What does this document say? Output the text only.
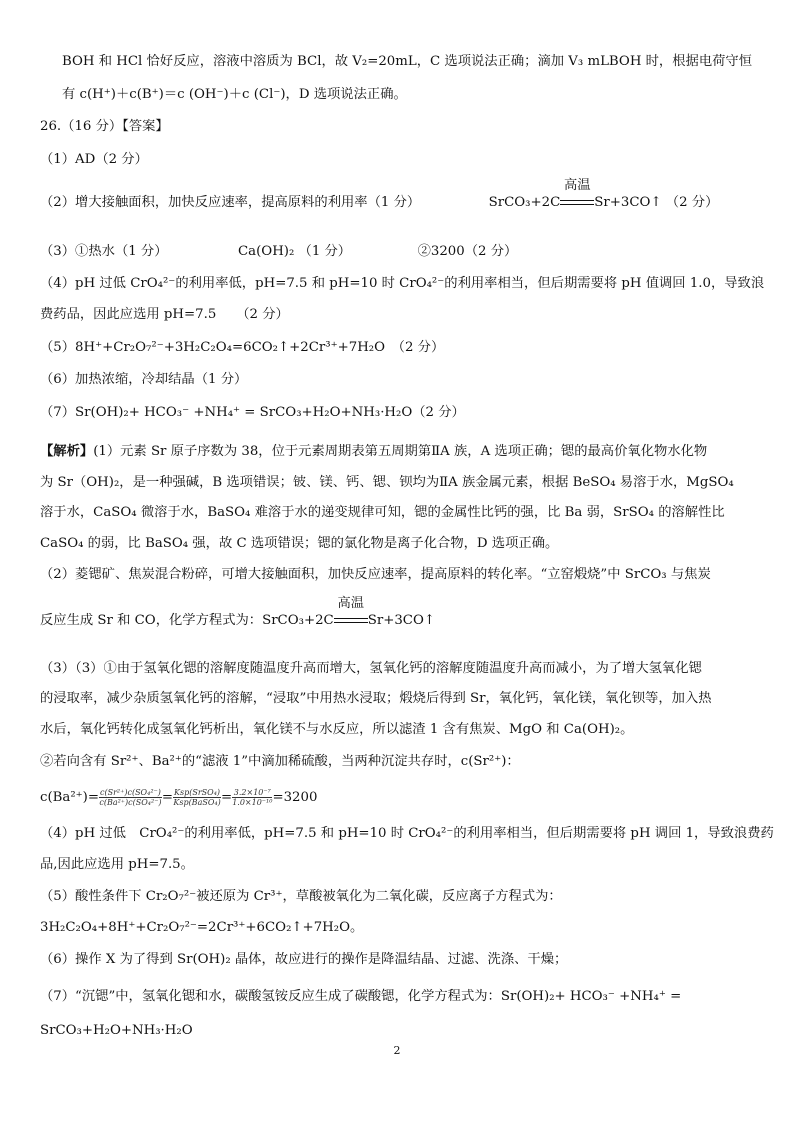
BOH 和 HCl 恰好反应，溶液中溶质为 BCl，故 V₂=20mL，C 选项说法正确；滴加 V₃ mLBOH 时，根据电荷守恒
有 c(H⁺)＋c(B⁺)＝c (OH⁻)＋c (Cl⁻)，D 选项说法正确。
26.（16 分）【答案】
（1）AD（2 分）
（2）增大接触面积，加快反应速率，提高原料的利用率（1 分）	SrCO₃+2C
高温
Sr+3CO↑ （2 分）
（3）①热水（1 分）	Ca(OH)₂ （1 分）	②3200（2 分）
（4）pH 过低 CrO₄²⁻的利用率低，pH=7.5 和 pH=10 时 CrO₄²⁻的利用率相当，但后期需要将 pH 值调回 1.0，导致浪
费药品，因此应选用 pH=7.5　　（2 分）
（5）8H⁺+Cr₂O₇²⁻+3H₂C₂O₄=6CO₂↑+2Cr³⁺+7H₂O　（2 分）
（6）加热浓缩，冷却结晶（1 分）
（7）Sr(OH)₂+ HCO₃⁻ +NH₄⁺ = SrCO₃+H₂O+NH₃·H₂O（2 分）
【解析】(1）元素 Sr 原子序数为 38，位于元素周期表第五周期第ⅡA 族，A 选项正确；锶的最高价氧化物水化物
为 Sr（OH)₂，是一种强碱，B 选项错误；铍、镁、钙、锶、钡均为ⅡA 族金属元素，根据 BeSO₄ 易溶于水，MgSO₄
溶于水，CaSO₄ 微溶于水，BaSO₄ 难溶于水的递变规律可知，锶的金属性比钙的强，比 Ba 弱，SrSO₄ 的溶解性比
CaSO₄ 的弱，比 BaSO₄ 强，故 C 选项错误；锶的氯化物是离子化合物，D 选项正确。
（2）菱锶矿、焦炭混合粉碎，可增大接触面积，加快反应速率，提高原料的转化率。“立窑煅烧”中 SrCO₃ 与焦炭
反应生成 Sr 和 CO，化学方程式为：SrCO₃+2C
高温
Sr+3CO↑
（3）（3）①由于氢氧化锶的溶解度随温度升高而增大，氢氧化钙的溶解度随温度升高而减小，为了增大氢氧化锶
的浸取率，减少杂质氢氧化钙的溶解，“浸取”中用热水浸取；煅烧后得到 Sr，氧化钙，氧化镁，氧化钡等，加入热
水后，氧化钙转化成氢氧化钙析出，氧化镁不与水反应，所以滤渣 1 含有焦炭、MgO 和 Ca(OH)₂。
②若向含有 Sr²⁺、Ba²⁺的“滤液 1”中滴加稀硫酸，当两种沉淀共存时，c(Sr²⁺)：
$c(Ba^{2+})= \frac{\text{c(Sr²⁺)c(SO₄²⁻)}}{\text{c(Ba²⁺)c(SO₄²⁻)}} = \frac{\text{Ksp(SrSO₄)}}{\text{Ksp(BaSO₄)}} = \frac{\text{3.2×10⁻⁷}}{\text{1.0×10⁻¹⁰}} =3200$
（4）pH 过低　CrO₄²⁻的利用率低，pH=7.5 和 pH=10 时 CrO₄²⁻的利用率相当，但后期需要将 pH 调回 1，导致浪费药
品,因此应选用 pH=7.5。
（5）酸性条件下 Cr₂O₇²⁻被还原为 Cr³⁺，草酸被氧化为二氧化碳，反应离子方程式为：
3H₂C₂O₄+8H⁺+Cr₂O₇²⁻=2Cr³⁺+6CO₂↑+7H₂O。
（6）操作 X 为了得到 Sr(OH)₂ 晶体，故应进行的操作是降温结晶、过滤、洗涤、干燥；
（7）“沉锶”中，氢氧化锶和水，碳酸氢铵反应生成了碳酸锶，化学方程式为：Sr(OH)₂+ HCO₃⁻ +NH₄⁺ =
SrCO₃+H₂O+NH₃·H₂O
2
